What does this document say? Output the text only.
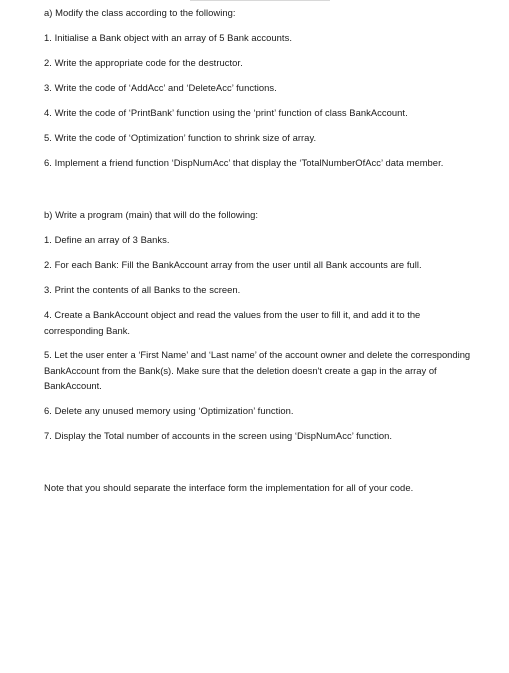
a) Modify the class according to the following:
1. Initialise a Bank object with an array of 5 Bank accounts.
2. Write the appropriate code for the destructor.
3. Write the code of ‘AddAcc’ and ‘DeleteAcc’ functions.
4. Write the code of ‘PrintBank’ function using the ‘print’ function of class BankAccount.
5. Write the code of ‘Optimization’ function to shrink size of array.
6. Implement a friend function ‘DispNumAcc’ that display the ‘TotalNumberOfAcc’ data member.
b) Write a program (main) that will do the following:
1. Define an array of 3 Banks.
2. For each Bank: Fill the BankAccount array from the user until all Bank accounts are full.
3. Print the contents of all Banks to the screen.
4. Create a BankAccount object and read the values from the user to fill it, and add it to the corresponding Bank.
5. Let the user enter a ‘First Name’ and ‘Last name’ of the account owner and delete the corresponding BankAccount from the Bank(s). Make sure that the deletion doesn't create a gap in the array of BankAccount.
6. Delete any unused memory using ‘Optimization’ function.
7. Display the Total number of accounts in the screen using ‘DispNumAcc’ function.
Note that you should separate the interface form the implementation for all of your code.
